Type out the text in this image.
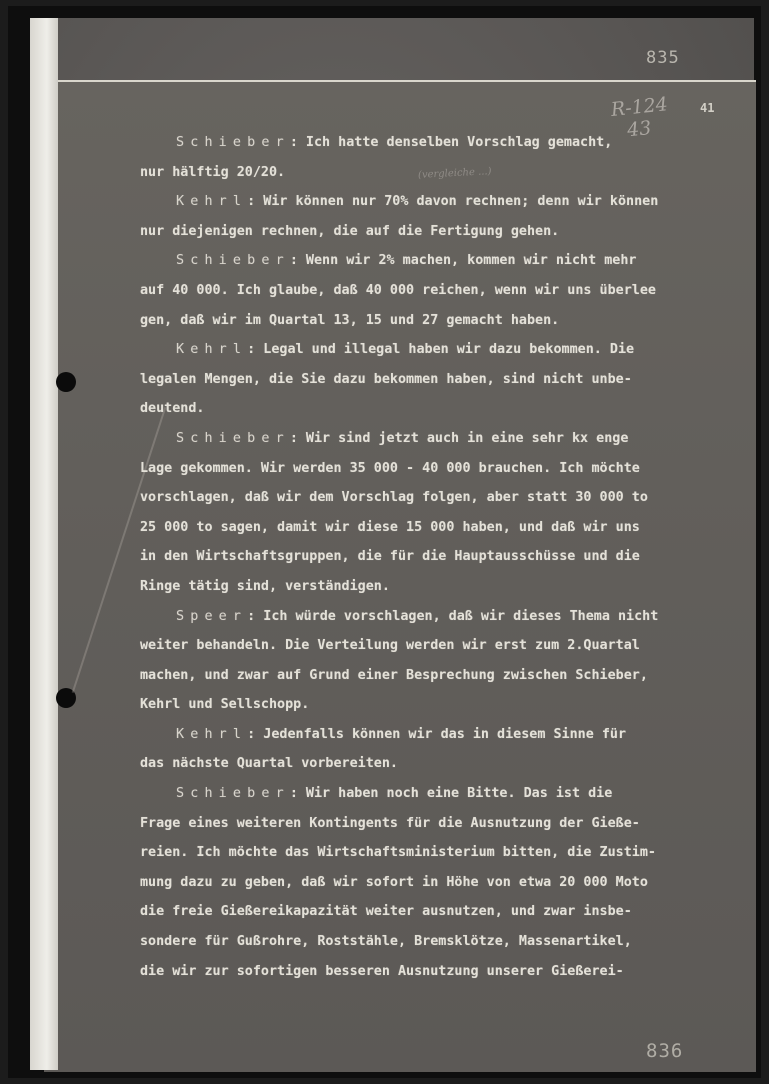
835
R-124
43
41
(vergleiche ...)
Schieber: Ich hatte denselben Vorschlag gemacht,
nur hälftig 20/20.
Kehrl: Wir können nur 70% davon rechnen; denn wir können
nur diejenigen rechnen, die auf die Fertigung gehen.
Schieber: Wenn wir 2% machen, kommen wir nicht mehr
auf 40 000. Ich glaube, daß 40 000 reichen, wenn wir uns überlee
gen, daß wir im Quartal 13, 15 und 27 gemacht haben.
Kehrl: Legal und illegal haben wir dazu bekommen. Die
legalen Mengen, die Sie dazu bekommen haben, sind nicht unbe-
deutend.
Schieber: Wir sind jetzt auch in eine sehr kx enge
Lage gekommen. Wir werden 35 000 - 40 000 brauchen. Ich möchte
vorschlagen, daß wir dem Vorschlag folgen, aber statt 30 000 to
25 000 to sagen, damit wir diese 15 000 haben, und daß wir uns
in den Wirtschaftsgruppen, die für die Hauptausschüsse und die
Ringe tätig sind, verständigen.
Speer: Ich würde vorschlagen, daß wir dieses Thema nicht
weiter behandeln. Die Verteilung werden wir erst zum 2.Quartal
machen, und zwar auf Grund einer Besprechung zwischen Schieber,
Kehrl und Sellschopp.
Kehrl: Jedenfalls können wir das in diesem Sinne für
das nächste Quartal vorbereiten.
Schieber: Wir haben noch eine Bitte. Das ist die
Frage eines weiteren Kontingents für die Ausnutzung der Gieße-
reien. Ich möchte das Wirtschaftsministerium bitten, die Zustim-
mung dazu zu geben, daß wir sofort in Höhe von etwa 20 000 Moto
die freie Gießereikapazität weiter ausnutzen, und zwar insbe-
sondere für Gußrohre, Roststähle, Bremsklötze, Massenartikel,
die wir zur sofortigen besseren Ausnutzung unserer Gießerei-
836
